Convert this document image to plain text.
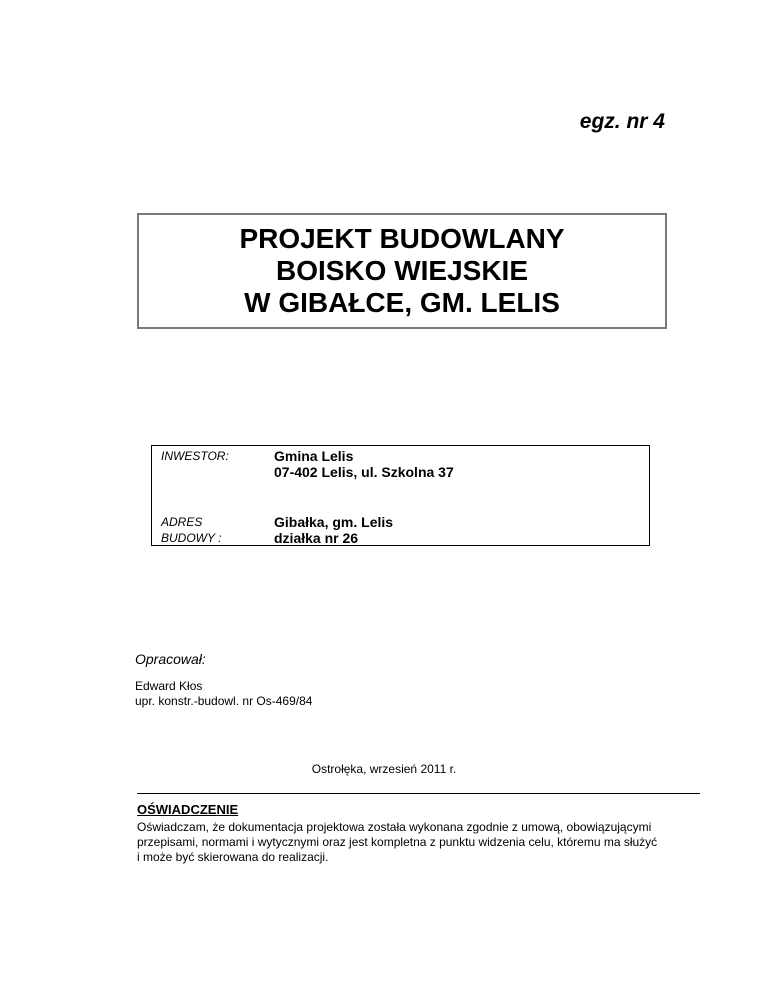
egz. nr 4
PROJEKT BUDOWLANY
BOISKO WIEJSKIE
W GIBAŁCE, GM. LELIS
INWESTOR:	Gmina Lelis
07-402 Lelis, ul. Szkolna 37
ADRES
BUDOWY :
Gibałka, gm. Lelis
działka nr 26
Opracował:
Edward Kłos
upr. konstr.-budowl. nr Os-469/84
Ostrołęka, wrzesień 2011 r.
OŚWIADCZENIE
Oświadczam, że dokumentacja projektowa została wykonana zgodnie z umową, obowiązującymi
przepisami, normami i wytycznymi oraz jest kompletna z punktu widzenia celu, któremu ma służyć
i może być skierowana do realizacji.
